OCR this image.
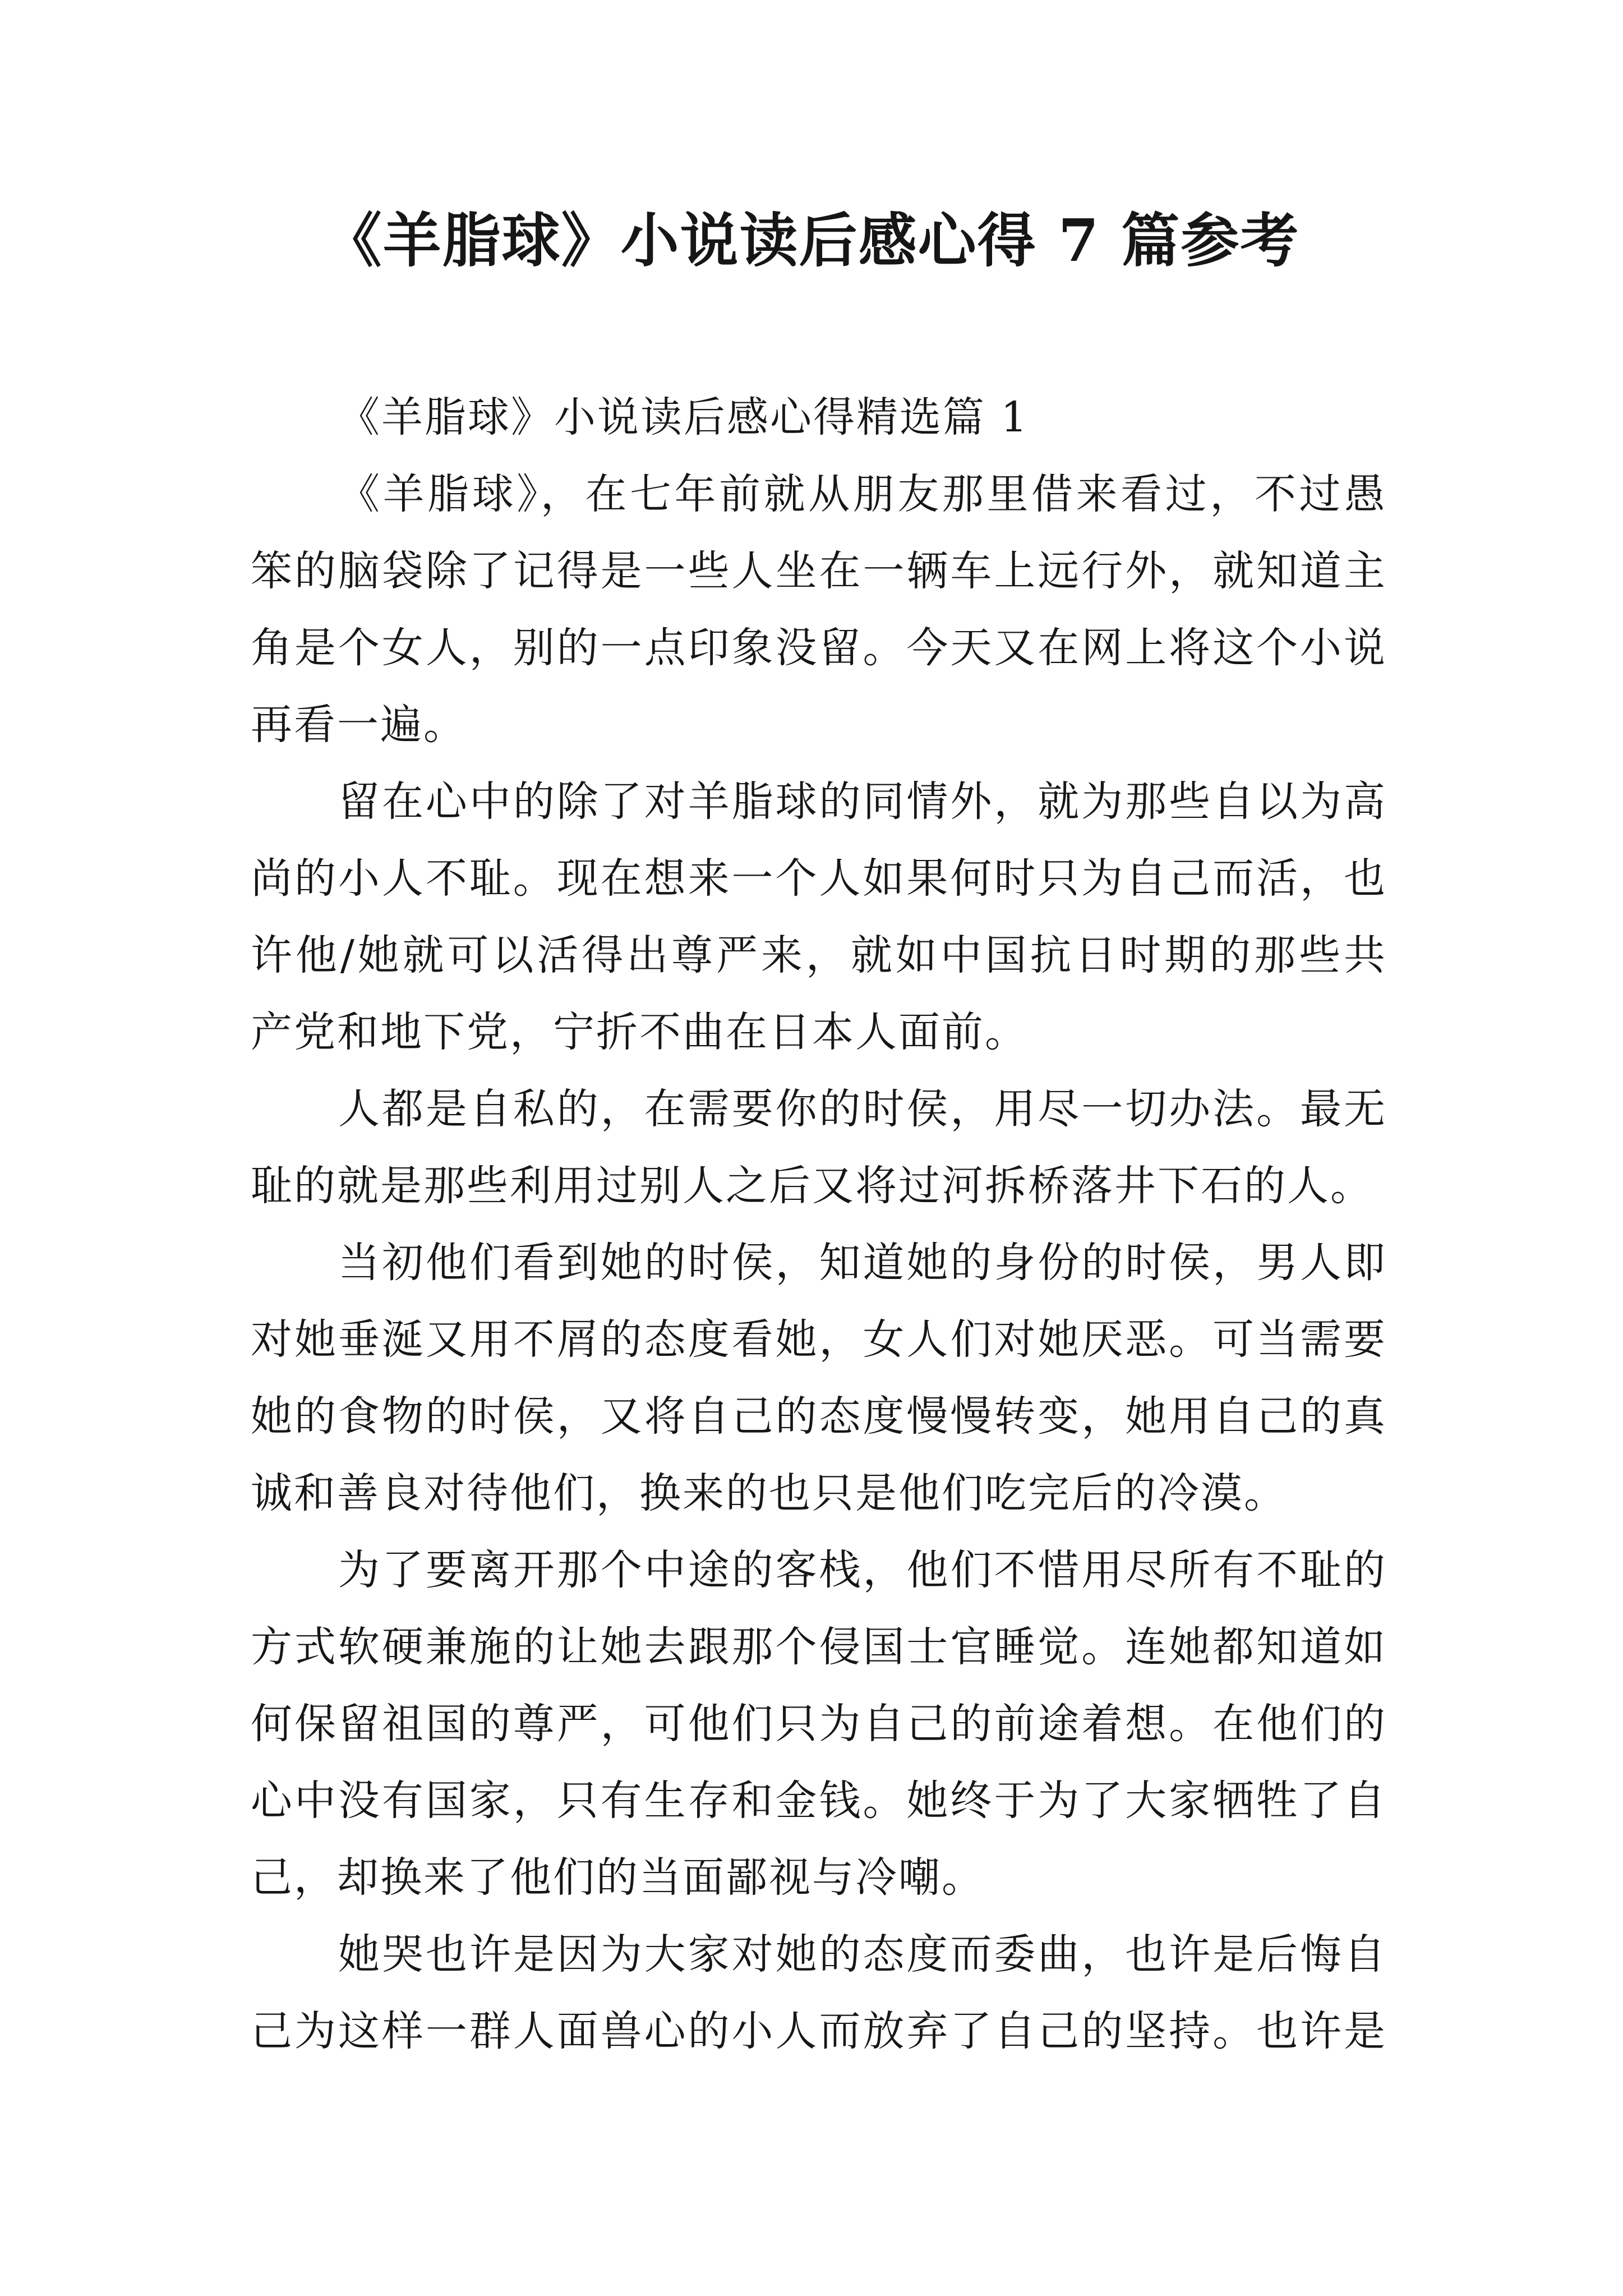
《羊脂球》小说读后感心得 7 篇参考
《羊脂球》小说读后感心得精选篇 1
《羊脂球》，在七年前就从朋友那里借来看过，不过愚
笨的脑袋除了记得是一些人坐在一辆车上远行外，就知道主
角是个女人，别的一点印象没留。今天又在网上将这个小说
再看一遍。
留在心中的除了对羊脂球的同情外，就为那些自以为高
尚的小人不耻。现在想来一个人如果何时只为自己而活，也
许他/她就可以活得出尊严来，就如中国抗日时期的那些共
产党和地下党，宁折不曲在日本人面前。
人都是自私的，在需要你的时侯，用尽一切办法。最无
耻的就是那些利用过别人之后又将过河拆桥落井下石的人。
当初他们看到她的时侯，知道她的身份的时侯，男人即
对她垂涎又用不屑的态度看她，女人们对她厌恶。可当需要
她的食物的时侯，又将自己的态度慢慢转变，她用自己的真
诚和善良对待他们，换来的也只是他们吃完后的冷漠。
为了要离开那个中途的客栈，他们不惜用尽所有不耻的
方式软硬兼施的让她去跟那个侵国士官睡觉。连她都知道如
何保留祖国的尊严，可他们只为自己的前途着想。在他们的
心中没有国家，只有生存和金钱。她终于为了大家牺牲了自
己，却换来了他们的当面鄙视与冷嘲。
她哭也许是因为大家对她的态度而委曲，也许是后悔自
己为这样一群人面兽心的小人而放弃了自己的坚持。也许是
